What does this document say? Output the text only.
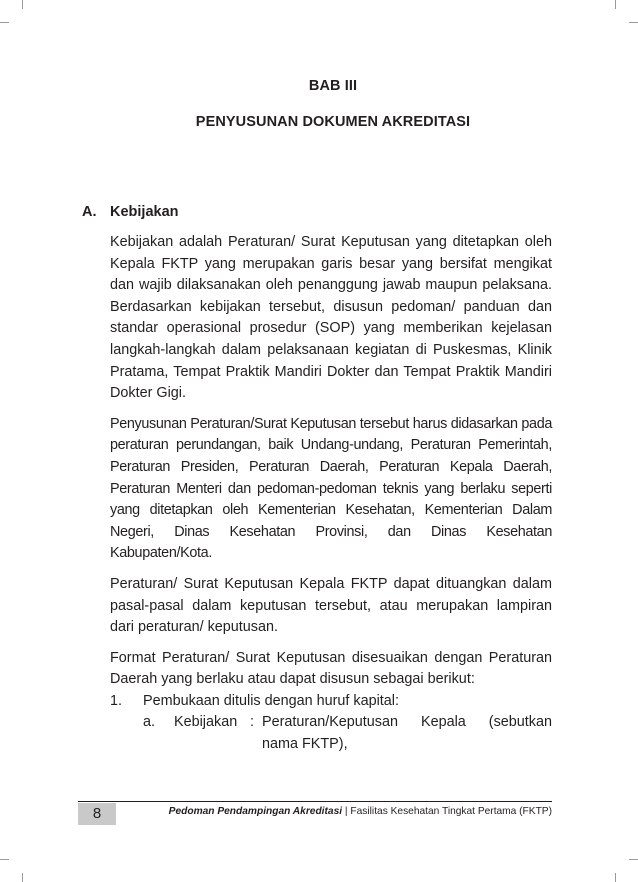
BAB III
PENYUSUNAN DOKUMEN AKREDITASI
A. Kebijakan

Kebijakan adalah Peraturan/ Surat Keputusan yang ditetapkan oleh Kepala FKTP yang merupakan garis besar yang bersifat mengikat dan wajib dilaksanakan oleh penanggung jawab maupun pelaksana. Berdasarkan kebijakan tersebut, disusun pedoman/ panduan dan standar operasional prosedur (SOP) yang memberikan kejelasan langkah-langkah dalam pelaksanaan kegiatan di Puskesmas, Klinik Pratama, Tempat Praktik Mandiri Dokter dan Tempat Praktik Mandiri Dokter Gigi.

Penyusunan Peraturan/Surat Keputusan tersebut harus didasarkan pada peraturan perundangan, baik Undang-undang, Peraturan Pemerintah, Peraturan Presiden, Peraturan Daerah, Peraturan Kepala Daerah, Peraturan Menteri dan pedoman-pedoman teknis yang berlaku seperti yang ditetapkan oleh Kementerian Kesehatan, Kementerian Dalam Negeri, Dinas Kesehatan Provinsi, dan Dinas Kesehatan Kabupaten/Kota.

Peraturan/ Surat Keputusan Kepala FKTP dapat dituangkan dalam pasal-pasal dalam keputusan tersebut, atau merupakan lampiran dari peraturan/ keputusan.

Format Peraturan/ Surat Keputusan disesuaikan dengan Peraturan Daerah yang berlaku atau dapat disusun sebagai berikut:

1. Pembukaan ditulis dengan huruf kapital:
a. Kebijakan : Peraturan/Keputusan Kepala (sebutkan nama FKTP),
8	Pedoman Pendampingan Akreditasi | Fasilitas Kesehatan Tingkat Pertama (FKTP)
